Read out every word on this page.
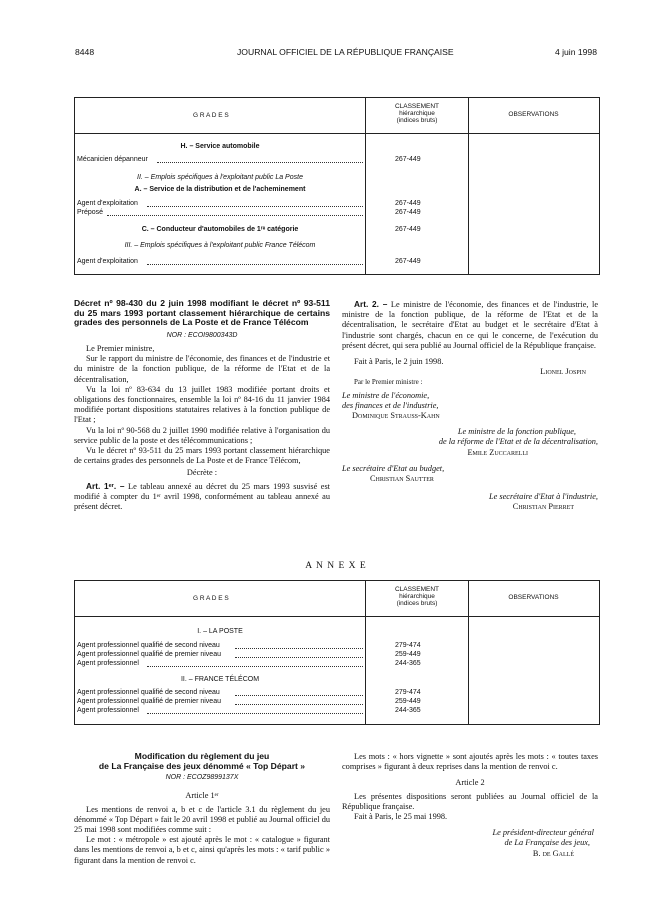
8448	JOURNAL OFFICIEL DE LA RÉPUBLIQUE FRANÇAISE	4 juin 1998
G R A D E S
CLASSEMENT
hiérarchique
(indices bruts)
OBSERVATIONS
H. – Service automobile
Mécanicien dépanneur	267-449
II. – Emplois spécifiques à l'exploitant public La Poste
A. – Service de la distribution et de l'acheminement
Agent d'exploitation	267-449
Préposé	267-449
C. – Conducteur d'automobiles de 1ʳᵉ catégorie	267-449
III. – Emplois spécifiques à l'exploitant public France Télécom
Agent d'exploitation	267-449

Décret nº 98-430 du 2 juin 1998 modifiant le décret nº 93-511 du 25 mars 1993 portant classement hiérarchique de certains grades des personnels de La Poste et de France Télécom

NOR : ECOI9800343D

Le Premier ministre,

Sur le rapport du ministre de l'économie, des finances et de l'industrie et du ministre de la fonction publique, de la réforme de l'Etat et de la décentralisation,

Vu la loi nº 83-634 du 13 juillet 1983 modifiée portant droits et obligations des fonctionnaires, ensemble la loi nº 84-16 du 11 janvier 1984 modifiée portant dispositions statutaires relatives à la fonction publique de l'Etat ;

Vu la loi nº 90-568 du 2 juillet 1990 modifiée relative à l'organisation du service public de la poste et des télécommunications ;

Vu le décret nº 93-511 du 25 mars 1993 portant classement hiérarchique de certains grades des personnels de La Poste et de France Télécom,

Décrète :

Art. 1ᵉʳ. – Le tableau annexé au décret du 25 mars 1993 susvisé est modifié à compter du 1ᵉʳ avril 1998, conformément au tableau annexé au présent décret.

Art. 2. – Le ministre de l'économie, des finances et de l'industrie, le ministre de la fonction publique, de la réforme de l'Etat et de la décentralisation, le secrétaire d'Etat au budget et le secrétaire d'Etat à l'industrie sont chargés, chacun en ce qui le concerne, de l'exécution du présent décret, qui sera publié au Journal officiel de la République française.

Fait à Paris, le 2 juin 1998.

Lionel Jospin

Par le Premier ministre :

Le ministre de l'économie,

des finances et de l'industrie,

Dominique Strauss-Kahn

Le ministre de la fonction publique,

de la réforme de l'Etat et de la décentralisation,

Emile Zuccarelli

Le secrétaire d'Etat au budget,

Christian Sautter

Le secrétaire d'Etat à l'industrie,

Christian Pierret

A N N E X E
G R A D E S
CLASSEMENT
hiérarchique
(indices bruts)
OBSERVATIONS
I. – LA POSTE
Agent professionnel qualifié de second niveau	279-474
Agent professionnel qualifié de premier niveau	259-449
Agent professionnel	244-365
II. – FRANCE TÉLÉCOM
Agent professionnel qualifié de second niveau	279-474
Agent professionnel qualifié de premier niveau	259-449
Agent professionnel	244-365

Modification du règlement du jeu

de La Française des jeux dénommé « Top Départ »

NOR : ECOZ9899137X

Article 1ᵉʳ

Les mentions de renvoi a, b et c de l'article 3.1 du règlement du jeu dénommé « Top Départ » fait le 20 avril 1998 et publié au Journal officiel du 25 mai 1998 sont modifiées comme suit :

Le mot : « métropole » est ajouté après le mot : « catalogue » figurant dans les mentions de renvoi a, b et c, ainsi qu'après les mots : « tarif public » figurant dans la mention de renvoi c.

Les mots : « hors vignette » sont ajoutés après les mots : « toutes taxes comprises » figurant à deux reprises dans la mention de renvoi c.

Article 2

Les présentes dispositions seront publiées au Journal officiel de la République française.

Fait à Paris, le 25 mai 1998.

Le président-directeur général

de La Française des jeux,

B. de Gallé
